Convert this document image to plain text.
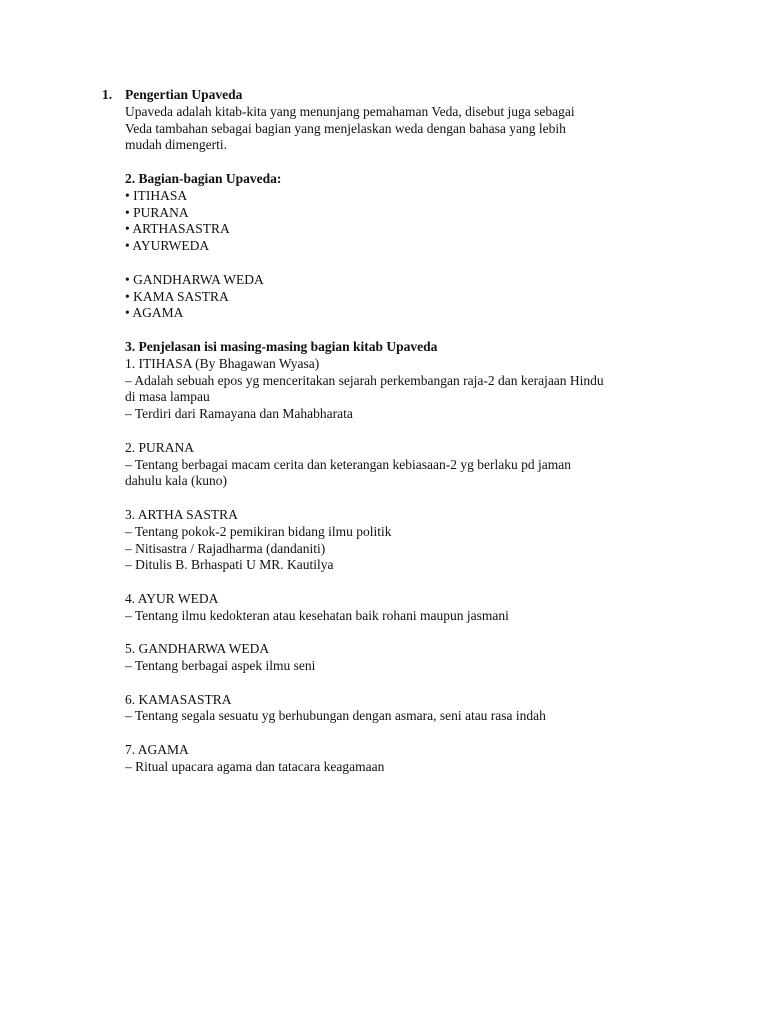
1. Pengertian Upaveda
Upaveda adalah kitab-kita yang menunjang pemahaman Veda, disebut juga sebagai
Veda tambahan sebagai bagian yang menjelaskan weda dengan bahasa yang lebih
mudah dimengerti.
2. Bagian-bagian Upaveda:
• ITIHASA
• PURANA
• ARTHASASTRA
• AYURWEDA
• GANDHARWA WEDA
• KAMA SASTRA
• AGAMA
3. Penjelasan isi masing-masing bagian kitab Upaveda
1. ITIHASA (By Bhagawan Wyasa)
– Adalah sebuah epos yg menceritakan sejarah perkembangan raja-2 dan kerajaan Hindu
di masa lampau
– Terdiri dari Ramayana dan Mahabharata
2. PURANA
– Tentang berbagai macam cerita dan keterangan kebiasaan-2 yg berlaku pd jaman
dahulu kala (kuno)
3. ARTHA SASTRA
– Tentang pokok-2 pemikiran bidang ilmu politik
– Nitisastra / Rajadharma (dandaniti)
– Ditulis B. Brhaspati U MR. Kautilya
4. AYUR WEDA
– Tentang ilmu kedokteran atau kesehatan baik rohani maupun jasmani
5. GANDHARWA WEDA
– Tentang berbagai aspek ilmu seni
6. KAMASASTRA
– Tentang segala sesuatu yg berhubungan dengan asmara, seni atau rasa indah
7. AGAMA
– Ritual upacara agama dan tatacara keagamaan
